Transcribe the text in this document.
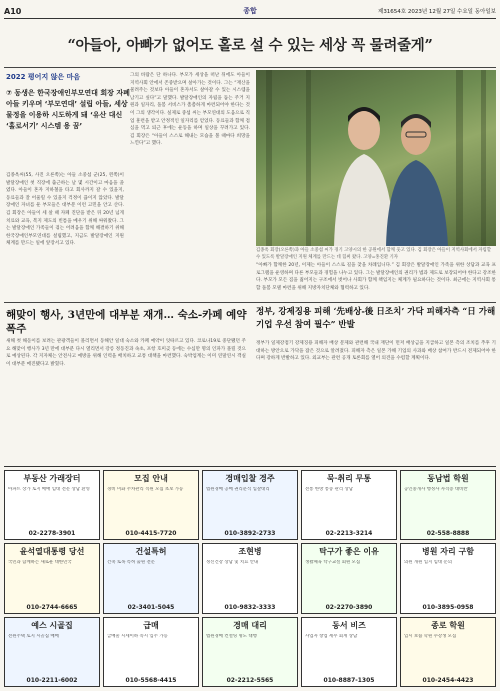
A10	종합	제31654호 2023년 12월 27일 수요일 동아일보
“아들아, 아빠가 없어도 홀로 설 수 있는 세상 꼭 물려줄게”
2022 평어지 않은 마음
⑦ 동생은 한국장애인부모연대 회장 자폐 아들 키우며 ‘부모연대’ 설립 아들, 세상물정을 이용하 시도하게 돼 ‘유산 대신 ‘홀로서기’ 시스템 용 꿈’
김종옥씨(55, 사진 오른쪽)는 아들 소중섭 군(25, 왼쪽)이 발달장애인 첫 직장에 출근하는 날 몇 시간이고 마음을 졸였다. 아들이 혼자 지하철을 타고 회사까지 갈 수 있을지, 동료들과 잘 어울릴 수 있을지 걱정이 끊이지 않았다. 발달장애인 자녀를 둔 부모들은 대부분 이런 고민을 안고 산다. 김 회장은 아들이 세 살 때 자폐 진단을 받은 뒤 20년 넘게 치료와 교육, 복지 제도의 빈틈을 메우기 위해 싸워왔다. 그는 발달장애인 가족들이 겪는 어려움을 함께 해결하기 위해 한국장애인부모연대를 설립했고, 지금도 발달장애인 지원 체계를 만드는 일에 앞장서고 있다.
그의 바람은 단 하나다. 부모가 세상을 떠난 뒤에도 아들이 지역사회 안에서 존중받으며 살아가는 것이다. 그는 “재산을 물려주는 것보다 아들이 혼자서도 살아갈 수 있는 시스템을 남기고 싶다”고 말했다. 발달장애인의 자립을 돕는 주거 지원과 일자리, 돌봄 서비스가 촘촘하게 마련되어야 한다는 것이 그의 생각이다. 실제로 중섭 씨는 부모연대의 도움으로 직업 훈련을 받고 안정적인 일자리를 얻었다. 동료들과 함께 점심을 먹고 퇴근 후에는 운동을 하며 일상을 꾸려가고 있다. 김 회장은 “아들이 스스로 해내는 모습을 볼 때마다 희망을 느낀다”고 했다.
김종옥 회장(오른쪽)과 아들 소중섭 씨가 경기 고양시의 한 공원에서 함께 웃고 있다. 김 회장은 아들이 지역사회에서 자립할 수 있도록 발달장애인 지원 체계를 만드는 데 힘써 왔다. 고양=홍진환 기자
“아빠가 함께한 20년, 이제는 아들이 스스로 길을 찾을 차례입니다.” 김 회장은 발달장애인 가족을 위한 상담과 교육 프로그램을 운영하며 다른 부모들과 경험을 나누고 있다. 그는 발달장애인의 권리가 법과 제도로 보장되어야 한다고 강조한다. 부모가 모든 짐을 짊어지는 구조에서 벗어나 사회가 함께 책임지는 체계가 필요하다는 것이다. 최근에는 지역사회 통합 돌봄 모델 마련을 위해 지방자치단체와 협력하고 있다.
해맞이 행사, 3년만에 대부분 재개… 숙소-카페 예약 폭주
새해 첫 해돋이를 보려는 관광객들이 몰리면서 동해안 일대 숙소와 카페 예약이 잇따르고 있다. 코로나19로 중단됐던 주요 해맞이 행사가 3년 만에 대부분 다시 열리면서 강릉 정동진과 속초, 포항 호미곶 등에는 수십만 명의 인파가 몰릴 것으로 예상된다. 각 지자체는 안전사고 예방을 위해 인력을 배치하고 교통 대책을 마련했다. 숙박업계는 이미 연말연시 객실이 대부분 매진됐다고 밝혔다.
정부, 강제징용 피해 ‘先배상-後 日조치’ 가닥 피해자측 “日 가해기업 우선 참여 필수” 반발
정부가 일제강점기 강제징용 피해자 배상 문제와 관련해 국내 재단이 먼저 배상금을 지급하고 일본 측의 조치를 추후 기대하는 방안으로 가닥을 잡은 것으로 알려졌다. 피해자 측은 일본 가해 기업의 사과와 배상 참여가 반드시 전제되어야 한다며 강하게 반발하고 있다. 외교부는 관련 공개 토론회를 열어 의견을 수렴할 계획이다.
부동산 가래장터
아파트 상가 토지 매매 임대 전문 상담 환영
02-2278-3901
모집 안내
경비 미화 주차관리 직원 모집 초보 가능
010-4415-7720
경매입찰 경주
법원경매 공매 권리분석 입찰대리
010-3892-2733
묵·취리 무통
전통 한방 통증 관리 상담
02-2213-3214
동남법 학원
공인중개사 행정사 자격증 대비반
02-558-8888
윤석열대통령 당선
국민과 함께하는 새로운 대한민국
010-2744-6665
건설특허
건축 토목 특허 출원 전문
02-3401-5045
조현병
정신건강 상담 및 치료 안내
010-9832-3333
탁구가 좋은 이유
생활체육 탁구교실 회원 모집
02-2270-3890
병원 자리 구함
의원 개원 입지 임대 문의
010-3895-0958
예스 시골집
전원주택 토지 시골집 매매
010-2211-6002
급매
급매물 시세이하 즉시 입주 가능
010-5568-4415
경매 대리
법원경매 컨설팅 명도 대행
02-2212-5565
동서 비즈
사업자 창업 세무 회계 상담
010-8887-1305
종로 학원
입시 보습 학원 수강생 모집
010-2454-4423
